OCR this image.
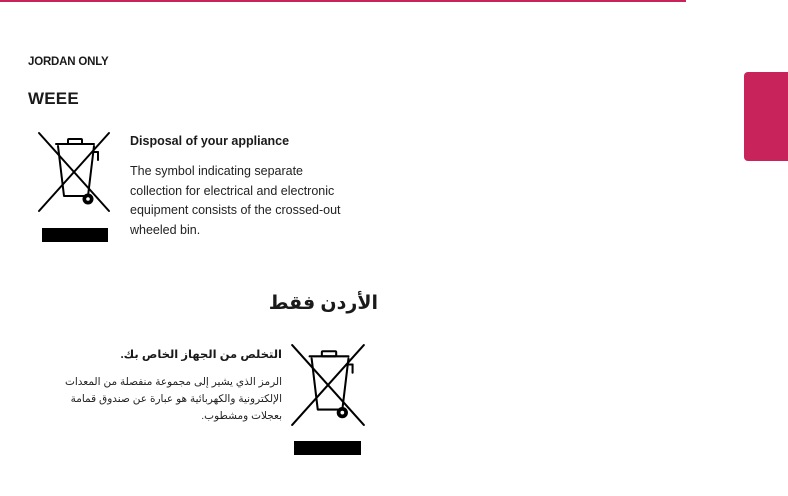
JORDAN ONLY
WEEE
Disposal of your appliance
The symbol indicating separate
collection for electrical and electronic
equipment consists of the crossed-out
wheeled bin.
الأردن فقط
التخلص من الجهاز الخاص بك.
الرمز الذي يشير إلى مجموعة منفصلة من المعدات
الإلكترونية والكهربائية هو عبارة عن صندوق قمامة
بعجلات ومشطوب.
